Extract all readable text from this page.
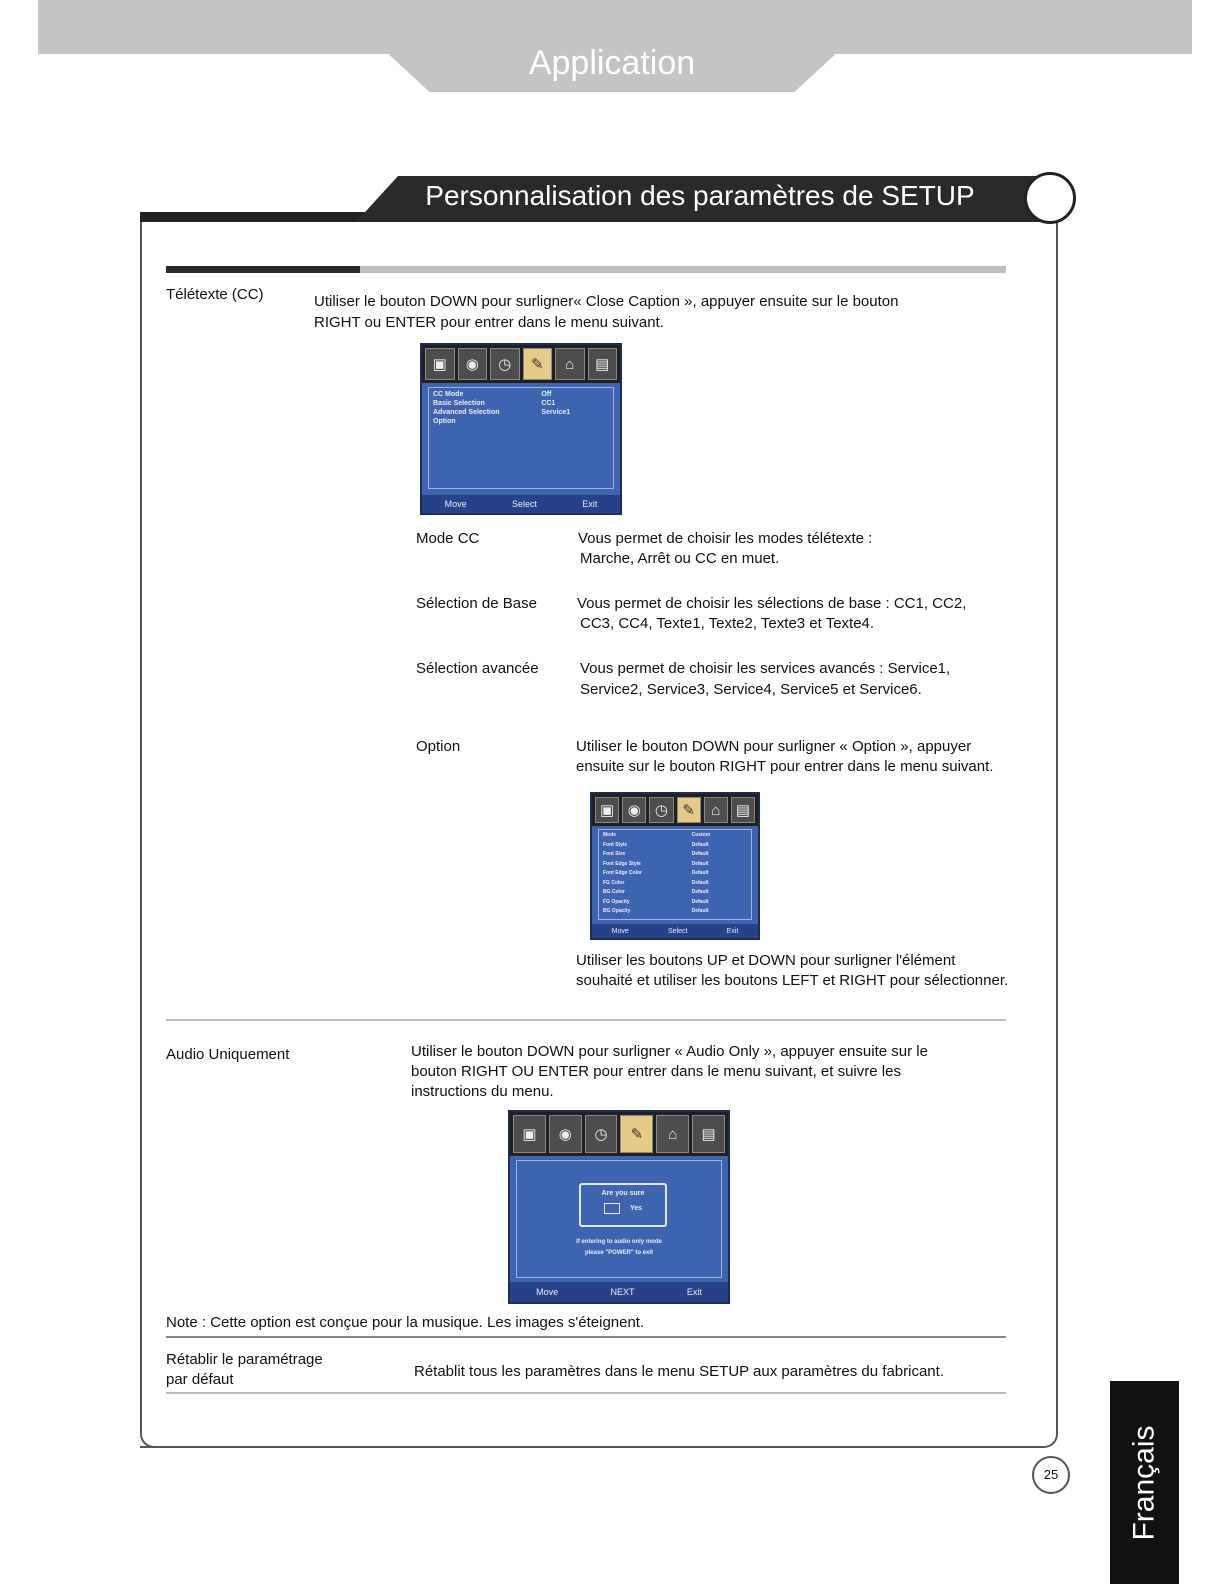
Application
Personnalisation des paramètres de SETUP
Télétexte (CC)	Utiliser le bouton DOWN pour surligner« Close Caption », appuyer ensuite sur le bouton
RIGHT ou ENTER pour entrer dans le menu suivant.
▣	◉	◷	✎	⌂	▤
CC Mode	Off
Basic Selection	CC1
Advanced Selection	Service1
Option
Move	Select	Exit
Mode CC	Vous permet de choisir les modes télétexte :
Marche, Arrêt ou CC en muet.
Sélection de Base	Vous permet de choisir les sélections de base : CC1, CC2,
CC3, CC4, Texte1, Texte2, Texte3 et Texte4.
Sélection avancée	Vous permet de choisir les services avancés : Service1,
Service2, Service3, Service4, Service5 et Service6.
Option	Utiliser le bouton DOWN pour surligner « Option », appuyer
ensuite sur le bouton RIGHT pour entrer dans le menu suivant.
▣ ◉ ◷ ✎	⌂	▤
Mode	Custom
Font Style	Default
Font Size	Default
Font Edge Style	Default
Font Edge Color	Default
FG Color	Default
BG Color	Default
FG Opacity	Default
BG Opacity	Default
Move	Select	Exit
Utiliser les boutons UP et DOWN pour surligner l'élément
souhaité et utiliser les boutons LEFT et RIGHT pour sélectionner.
Audio Uniquement	Utiliser le bouton DOWN pour surligner « Audio Only », appuyer ensuite sur le
bouton RIGHT OU ENTER pour entrer dans le menu suivant, et suivre les
instructions du menu.
▣	◉	◷	✎	⌂	▤
Are you sure
Yes
If entering to audio only mode
please "POWER" to exit
Move	NEXT	Exit
Note : Cette option est conçue pour la musique. Les images s'éteignent.
Rétablir le paramétrage
par défaut	Rétablit tous les paramètres dans le menu SETUP aux paramètres du fabricant.
Français
25
